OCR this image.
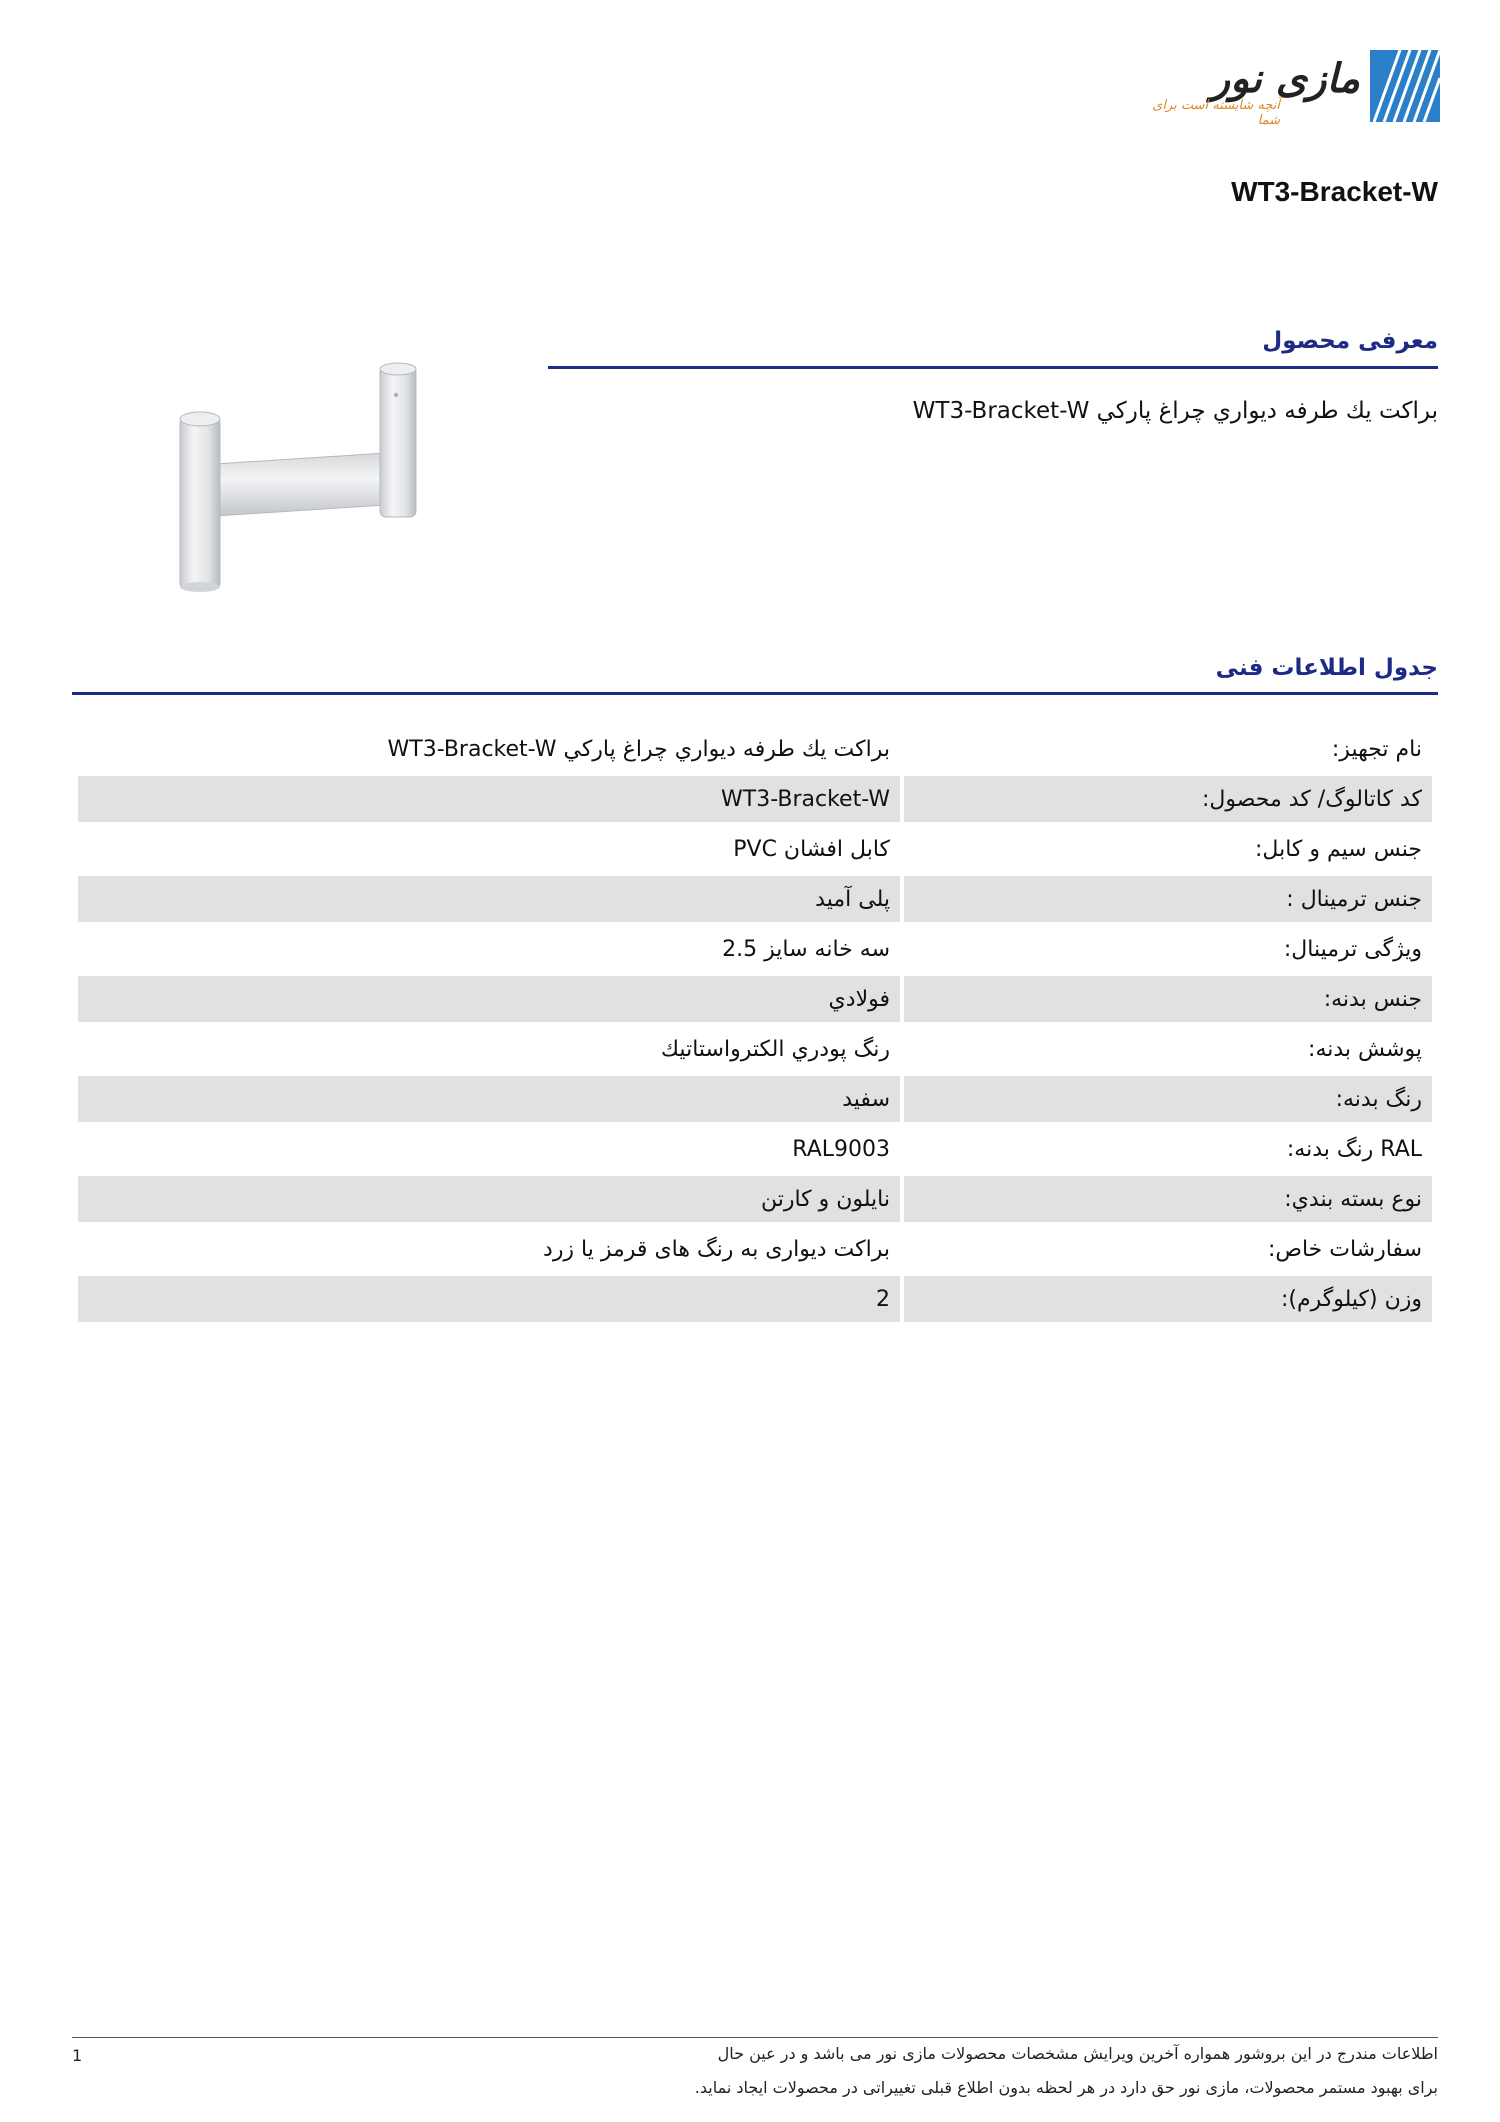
مازی نور
آنچه شایسته است برای شما
WT3-Bracket-W
معرفی محصول
براكت يك طرفه ديواري چراغ پاركي WT3-Bracket-W
جدول اطلاعات فنی
براكت يك طرفه ديواري چراغ پاركي WT3-Bracket-W	نام تجهیز:
WT3-Bracket-W	کد کاتالوگ/ کد محصول:
کابل افشان PVC	جنس سیم و کابل:
پلی آمید	جنس ترمینال :
سه خانه سایز 2.5	ویژگی ترمینال:
فولادي	جنس بدنه:
رنگ پودري الكترواستاتيك	پوشش بدنه:
سفيد	رنگ بدنه:
RAL9003	RAL رنگ بدنه:
نايلون و كارتن	نوع بسته بندي:
براکت دیواری به رنگ های قرمز یا زرد	سفارشات خاص:
2	وزن (کیلوگرم):
اطلاعات مندرج در این بروشور همواره آخرین ویرایش مشخصات محصولات مازی نور می باشد و در عین حال
برای بهبود مستمر محصولات، مازی نور حق دارد در هر لحظه بدون اطلاع قبلی تغییراتی در محصولات ایجاد نماید.
1
